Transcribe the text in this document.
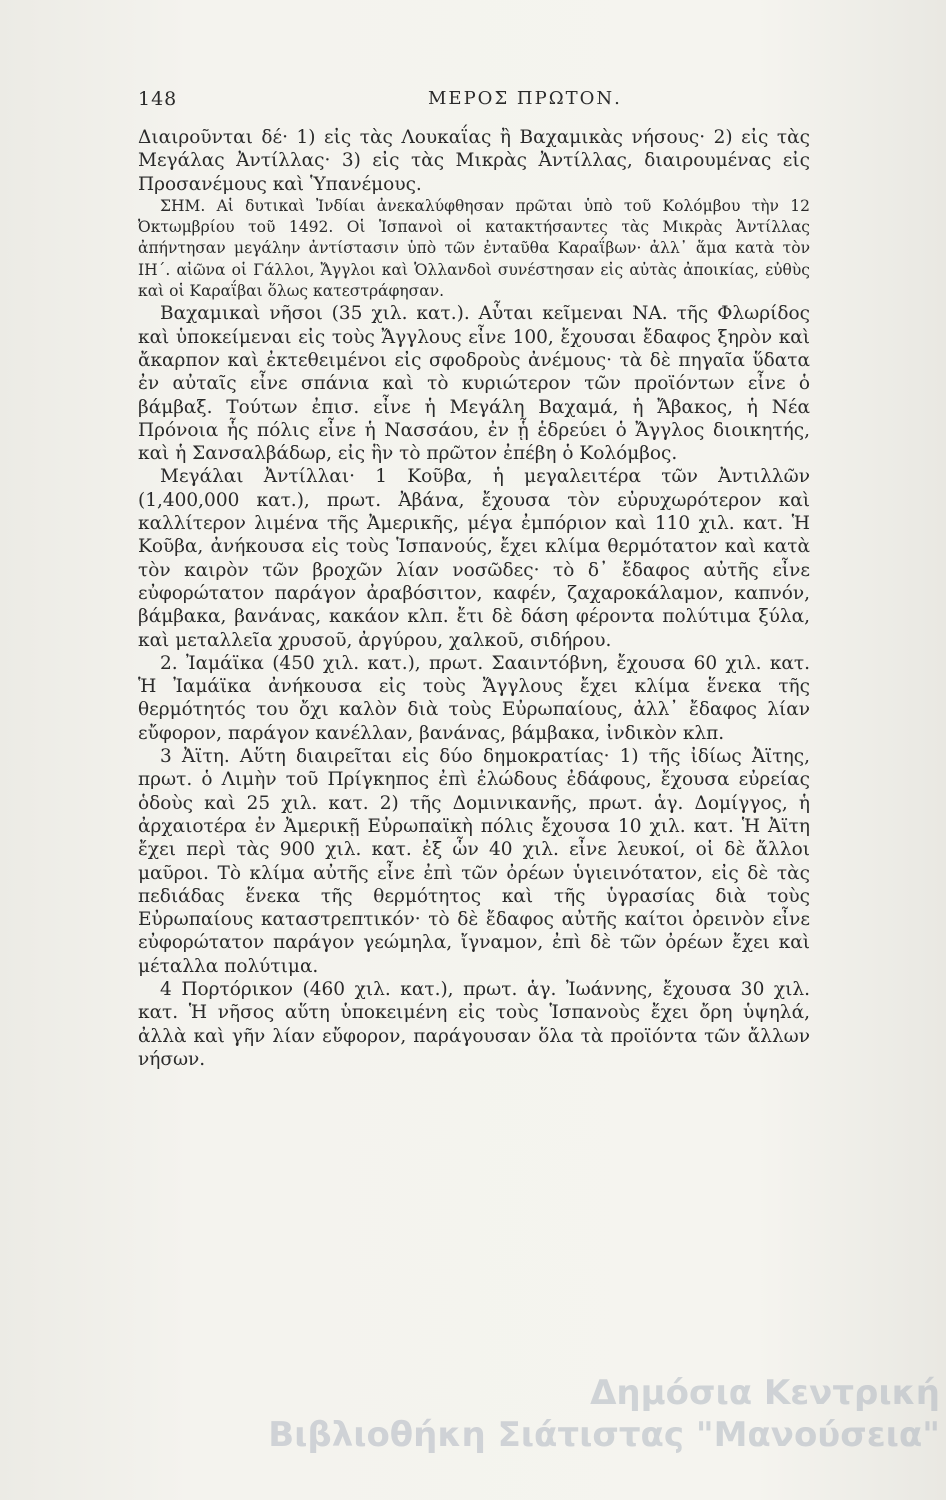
148	ΜΕΡΟΣ ΠΡΩΤΟΝ.

Διαιροῦνται δέ· 1) εἰς τὰς Λουκαΐας ἢ Βαχαμικὰς νήσους· 2) εἰς τὰς Μεγάλας Ἀντίλλας· 3) εἰς τὰς Μικρὰς Ἀντίλλας, διαιρουμένας εἰς Προσανέμους καὶ Ὑπανέμους.

ΣΗΜ. Αἱ δυτικαὶ Ἰνδίαι ἀνεκαλύφθησαν πρῶται ὑπὸ τοῦ Κολόμβου τὴν 12 Ὀκτωμβρίου τοῦ 1492. Οἱ Ἱσπανοὶ οἱ κατακτήσαντες τὰς Μικρὰς Ἀντίλλας ἀπήντησαν μεγάλην ἀντίστασιν ὑπὸ τῶν ἐνταῦθα Καραΐβων· ἀλλ᾽ ἅμα κατὰ τὸν ΙΗ΄. αἰῶνα οἱ Γάλλοι, Ἄγγλοι καὶ Ὁλλανδοὶ συνέστησαν εἰς αὐτὰς ἀποικίας, εὐθὺς καὶ οἱ Καραΐβαι ὅλως κατεστράφησαν.

Βαχαμικαὶ νῆσοι (35 χιλ. κατ.). Αὗται κεῖμεναι ΝΑ. τῆς Φλωρίδος καὶ ὑποκείμεναι εἰς τοὺς Ἄγγλους εἶνε 100, ἔχουσαι ἔδαφος ξηρὸν καὶ ἄκαρπον καὶ ἐκτεθειμένοι εἰς σφοδροὺς ἀνέμους· τὰ δὲ πηγαῖα ὕδατα ἐν αὐταῖς εἶνε σπάνια καὶ τὸ κυριώτερον τῶν προϊόντων εἶνε ὁ βάμβαξ. Τούτων ἐπισ. εἶνε ἡ Μεγάλη Βαχαμά, ἡ Ἄβακος, ἡ Νέα Πρόνοια ἧς πόλις εἶνε ἡ Νασσάου, ἐν ᾗ ἑδρεύει ὁ Ἄγγλος διοικητής, καὶ ἡ Σανσαλβάδωρ, εἰς ἣν τὸ πρῶτον ἐπέβη ὁ Κολόμβος.

Μεγάλαι Ἀντίλλαι· 1 Κοῦβα, ἡ μεγαλειτέρα τῶν Ἀντιλλῶν (1,400,000 κατ.), πρωτ. Ἀβάνα, ἔχουσα τὸν εὐρυχωρότερον καὶ καλλίτερον λιμένα τῆς Ἀμερικῆς, μέγα ἐμπόριον καὶ 110 χιλ. κατ. Ἡ Κοῦβα, ἀνήκουσα εἰς τοὺς Ἱσπανούς, ἔχει κλίμα θερμότατον καὶ κατὰ τὸν καιρὸν τῶν βροχῶν λίαν νοσῶδες· τὸ δ᾽ ἔδαφος αὐτῆς εἶνε εὐφορώτατον παράγον ἀραβόσιτον, καφέν, ζαχαροκάλαμον, καπνόν, βάμβακα, βανάνας, κακάον κλπ. ἔτι δὲ δάση φέροντα πολύτιμα ξύλα, καὶ μεταλλεῖα χρυσοῦ, ἀργύρου, χαλκοῦ, σιδήρου.

2. Ἰαμάϊκα (450 χιλ. κατ.), πρωτ. Σααιντόβνη, ἔχουσα 60 χιλ. κατ. Ἡ Ἰαμάϊκα ἀνήκουσα εἰς τοὺς Ἄγγλους ἔχει κλίμα ἕνεκα τῆς θερμότητός του ὄχι καλὸν διὰ τοὺς Εὐρωπαίους, ἀλλ᾽ ἔδαφος λίαν εὔφορον, παράγον κανέλλαν, βανάνας, βάμβακα, ἰνδικὸν κλπ.

3 Ἀϊτη. Αὕτη διαιρεῖται εἰς δύο δημοκρατίας· 1) τῆς ἰδίως Ἀϊτης, πρωτ. ὁ Λιμὴν τοῦ Πρίγκηπος ἐπὶ ἐλώδους ἐδάφους, ἔχουσα εὐρείας ὁδοὺς καὶ 25 χιλ. κατ. 2) τῆς Δομινικανῆς, πρωτ. ἁγ. Δομίγγος, ἡ ἀρχαιοτέρα ἐν Ἀμερικῇ Εὐρωπαϊκὴ πόλις ἔχουσα 10 χιλ. κατ. Ἡ Ἀϊτη ἔχει περὶ τὰς 900 χιλ. κατ. ἐξ ὧν 40 χιλ. εἶνε λευκοί, οἱ δὲ ἄλλοι μαῦροι. Τὸ κλίμα αὐτῆς εἶνε ἐπὶ τῶν ὀρέων ὑγιεινότατον, εἰς δὲ τὰς πεδιάδας ἕνεκα τῆς θερμότητος καὶ τῆς ὑγρασίας διὰ τοὺς Εὐρωπαίους καταστρεπτικόν· τὸ δὲ ἔδαφος αὐτῆς καίτοι ὀρεινὸν εἶνε εὐφορώτατον παράγον γεώμηλα, ἴγναμον, ἐπὶ δὲ τῶν ὀρέων ἔχει καὶ μέταλλα πολύτιμα.

4 Πορτόρικον (460 χιλ. κατ.), πρωτ. ἁγ. Ἰωάννης, ἔχουσα 30 χιλ. κατ. Ἡ νῆσος αὕτη ὑποκειμένη εἰς τοὺς Ἱσπανοὺς ἔχει ὄρη ὑψηλά, ἀλλὰ καὶ γῆν λίαν εὔφορον, παράγουσαν ὅλα τὰ προϊόντα τῶν ἄλλων νήσων.

Δημόσια Κεντρική
Βιβλιοθήκη Σιάτιστας "Μανούσεια"
